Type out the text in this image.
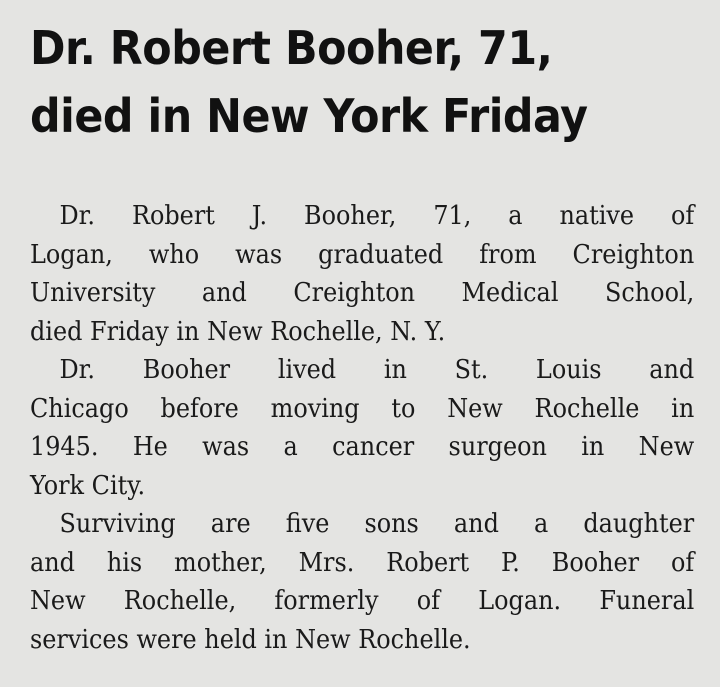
Dr. Robert Booher, 71,
died in New York Friday

Dr. Robert J. Booher, 71, a native of
Logan, who was graduated from Creighton
University and Creighton Medical School,
died Friday in New Rochelle, N. Y.

Dr. Booher lived in St. Louis and
Chicago before moving to New Rochelle in
1945. He was a cancer surgeon in New
York City.

Surviving are five sons and a daughter
and his mother, Mrs. Robert P. Booher of
New Rochelle, formerly of Logan. Funeral
services were held in New Rochelle.
